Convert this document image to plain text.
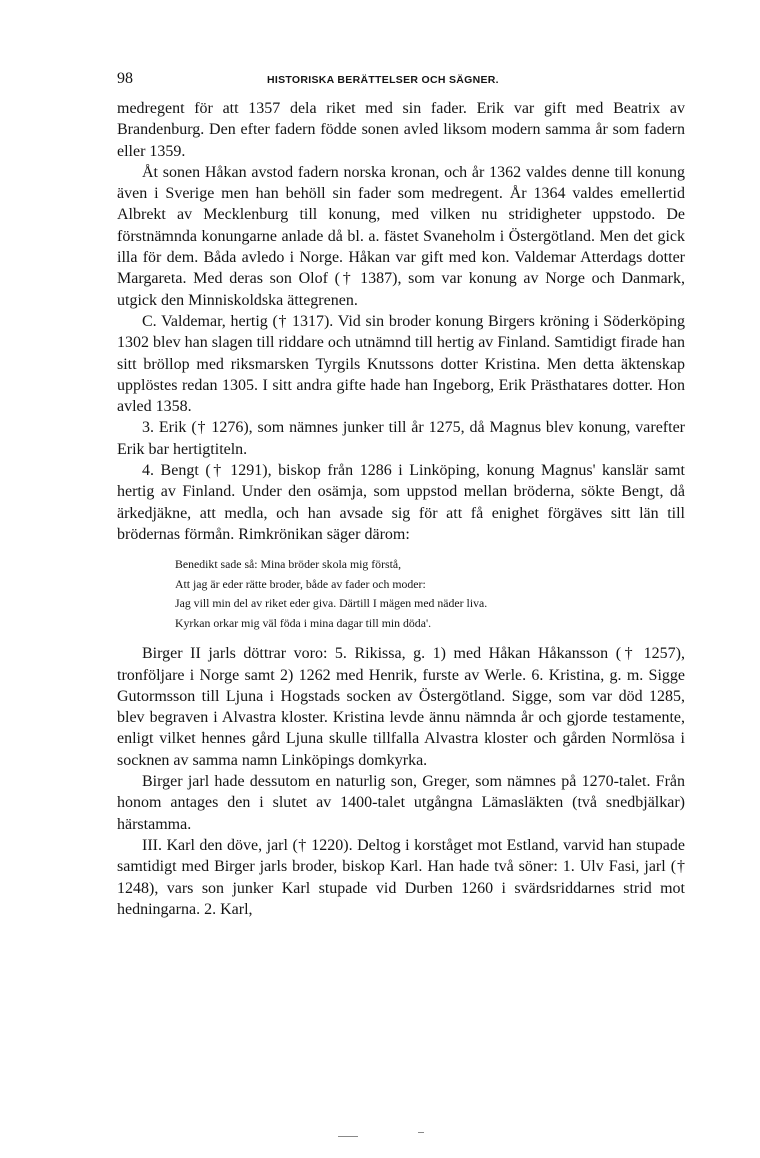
98	HISTORISKA BERÄTTELSER OCH SÄGNER.

medregent för att 1357 dela riket med sin fader. Erik var gift med Beatrix av Brandenburg. Den efter fadern födde sonen avled liksom modern samma år som fadern eller 1359.

Åt sonen Håkan avstod fadern norska kronan, och år 1362 valdes denne till konung även i Sverige men han behöll sin fader som medregent. År 1364 valdes emellertid Albrekt av Mecklenburg till konung, med vilken nu stridigheter uppstodo. De förstnämnda konungarne anlade då bl. a. fästet Svaneholm i Östergötland. Men det gick illa för dem. Båda avledo i Norge. Håkan var gift med kon. Valdemar Atterdags dotter Margareta. Med deras son Olof († 1387), som var konung av Norge och Danmark, utgick den Minniskoldska ättegrenen.

C. Valdemar, hertig († 1317). Vid sin broder konung Birgers kröning i Söderköping 1302 blev han slagen till riddare och utnämnd till hertig av Finland. Samtidigt firade han sitt bröllop med riksmarsken Tyrgils Knutssons dotter Kristina. Men detta äktenskap upplöstes redan 1305. I sitt andra gifte hade han Ingeborg, Erik Prästhatares dotter. Hon avled 1358.

3. Erik († 1276), som nämnes junker till år 1275, då Magnus blev konung, varefter Erik bar hertigtiteln.

4. Bengt († 1291), biskop från 1286 i Linköping, konung Magnus' kanslär samt hertig av Finland. Under den osämja, som uppstod mellan bröderna, sökte Bengt, då ärkedjäkne, att medla, och han avsade sig för att få enighet förgäves sitt län till brödernas förmån. Rimkrönikan säger därom:

Benedikt sade så: Mina bröder skola mig förstå,
Att jag är eder rätte broder, både av fader och moder:
Jag vill min del av riket eder giva. Därtill I mägen med näder liva.
Kyrkan orkar mig väl föda i mina dagar till min döda'.

Birger II jarls döttrar voro: 5. Rikissa, g. 1) med Håkan Håkansson († 1257), tronföljare i Norge samt 2) 1262 med Henrik, furste av Werle. 6. Kristina, g. m. Sigge Gutormsson till Ljuna i Hogstads socken av Östergötland. Sigge, som var död 1285, blev begraven i Alvastra kloster. Kristina levde ännu nämnda år och gjorde testamente, enligt vilket hennes gård Ljuna skulle tillfalla Alvastra kloster och gården Normlösa i socknen av samma namn Linköpings domkyrka.

Birger jarl hade dessutom en naturlig son, Greger, som nämnes på 1270-talet. Från honom antages den i slutet av 1400-talet utgångna Lämasläkten (två snedbjälkar) härstamma.

III. Karl den döve, jarl († 1220). Deltog i korståget mot Estland, varvid han stupade samtidigt med Birger jarls broder, biskop Karl. Han hade två söner: 1. Ulv Fasi, jarl († 1248), vars son junker Karl stupade vid Durben 1260 i svärdsriddarnes strid mot hedningarna. 2. Karl,
